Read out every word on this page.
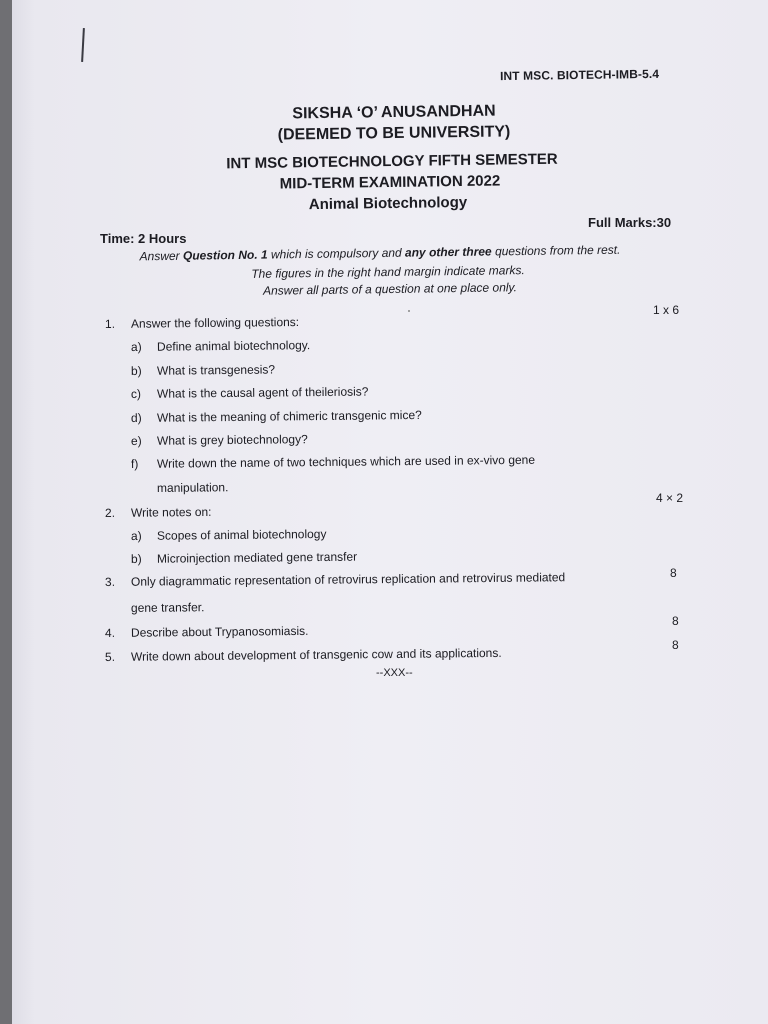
INT MSC. BIOTECH-IMB-5.4
SIKSHA ‘O’ ANUSANDHAN
(DEEMED TO BE UNIVERSITY)
INT MSC BIOTECHNOLOGY FIFTH SEMESTER
MID-TERM EXAMINATION 2022
Animal Biotechnology
Full Marks:30
Time: 2 Hours
Answer Question No. 1 which is compulsory and any other three questions from the rest.
The figures in the right hand margin indicate marks.
Answer all parts of a question at one place only.
1 x 6
1. Answer the following questions:
a) Define animal biotechnology.
b) What is transgenesis?
c) What is the causal agent of theileriosis?
d) What is the meaning of chimeric transgenic mice?
e) What is grey biotechnology?
f) Write down the name of two techniques which are used in ex-vivo gene
manipulation.
4 × 2
2. Write notes on:
a) Scopes of animal biotechnology
b) Microinjection mediated gene transfer
8
3. Only diagrammatic representation of retrovirus replication and retrovirus mediated
gene transfer.
8
4. Describe about Trypanosomiasis.
8
5. Write down about development of transgenic cow and its applications.
--XXX--
